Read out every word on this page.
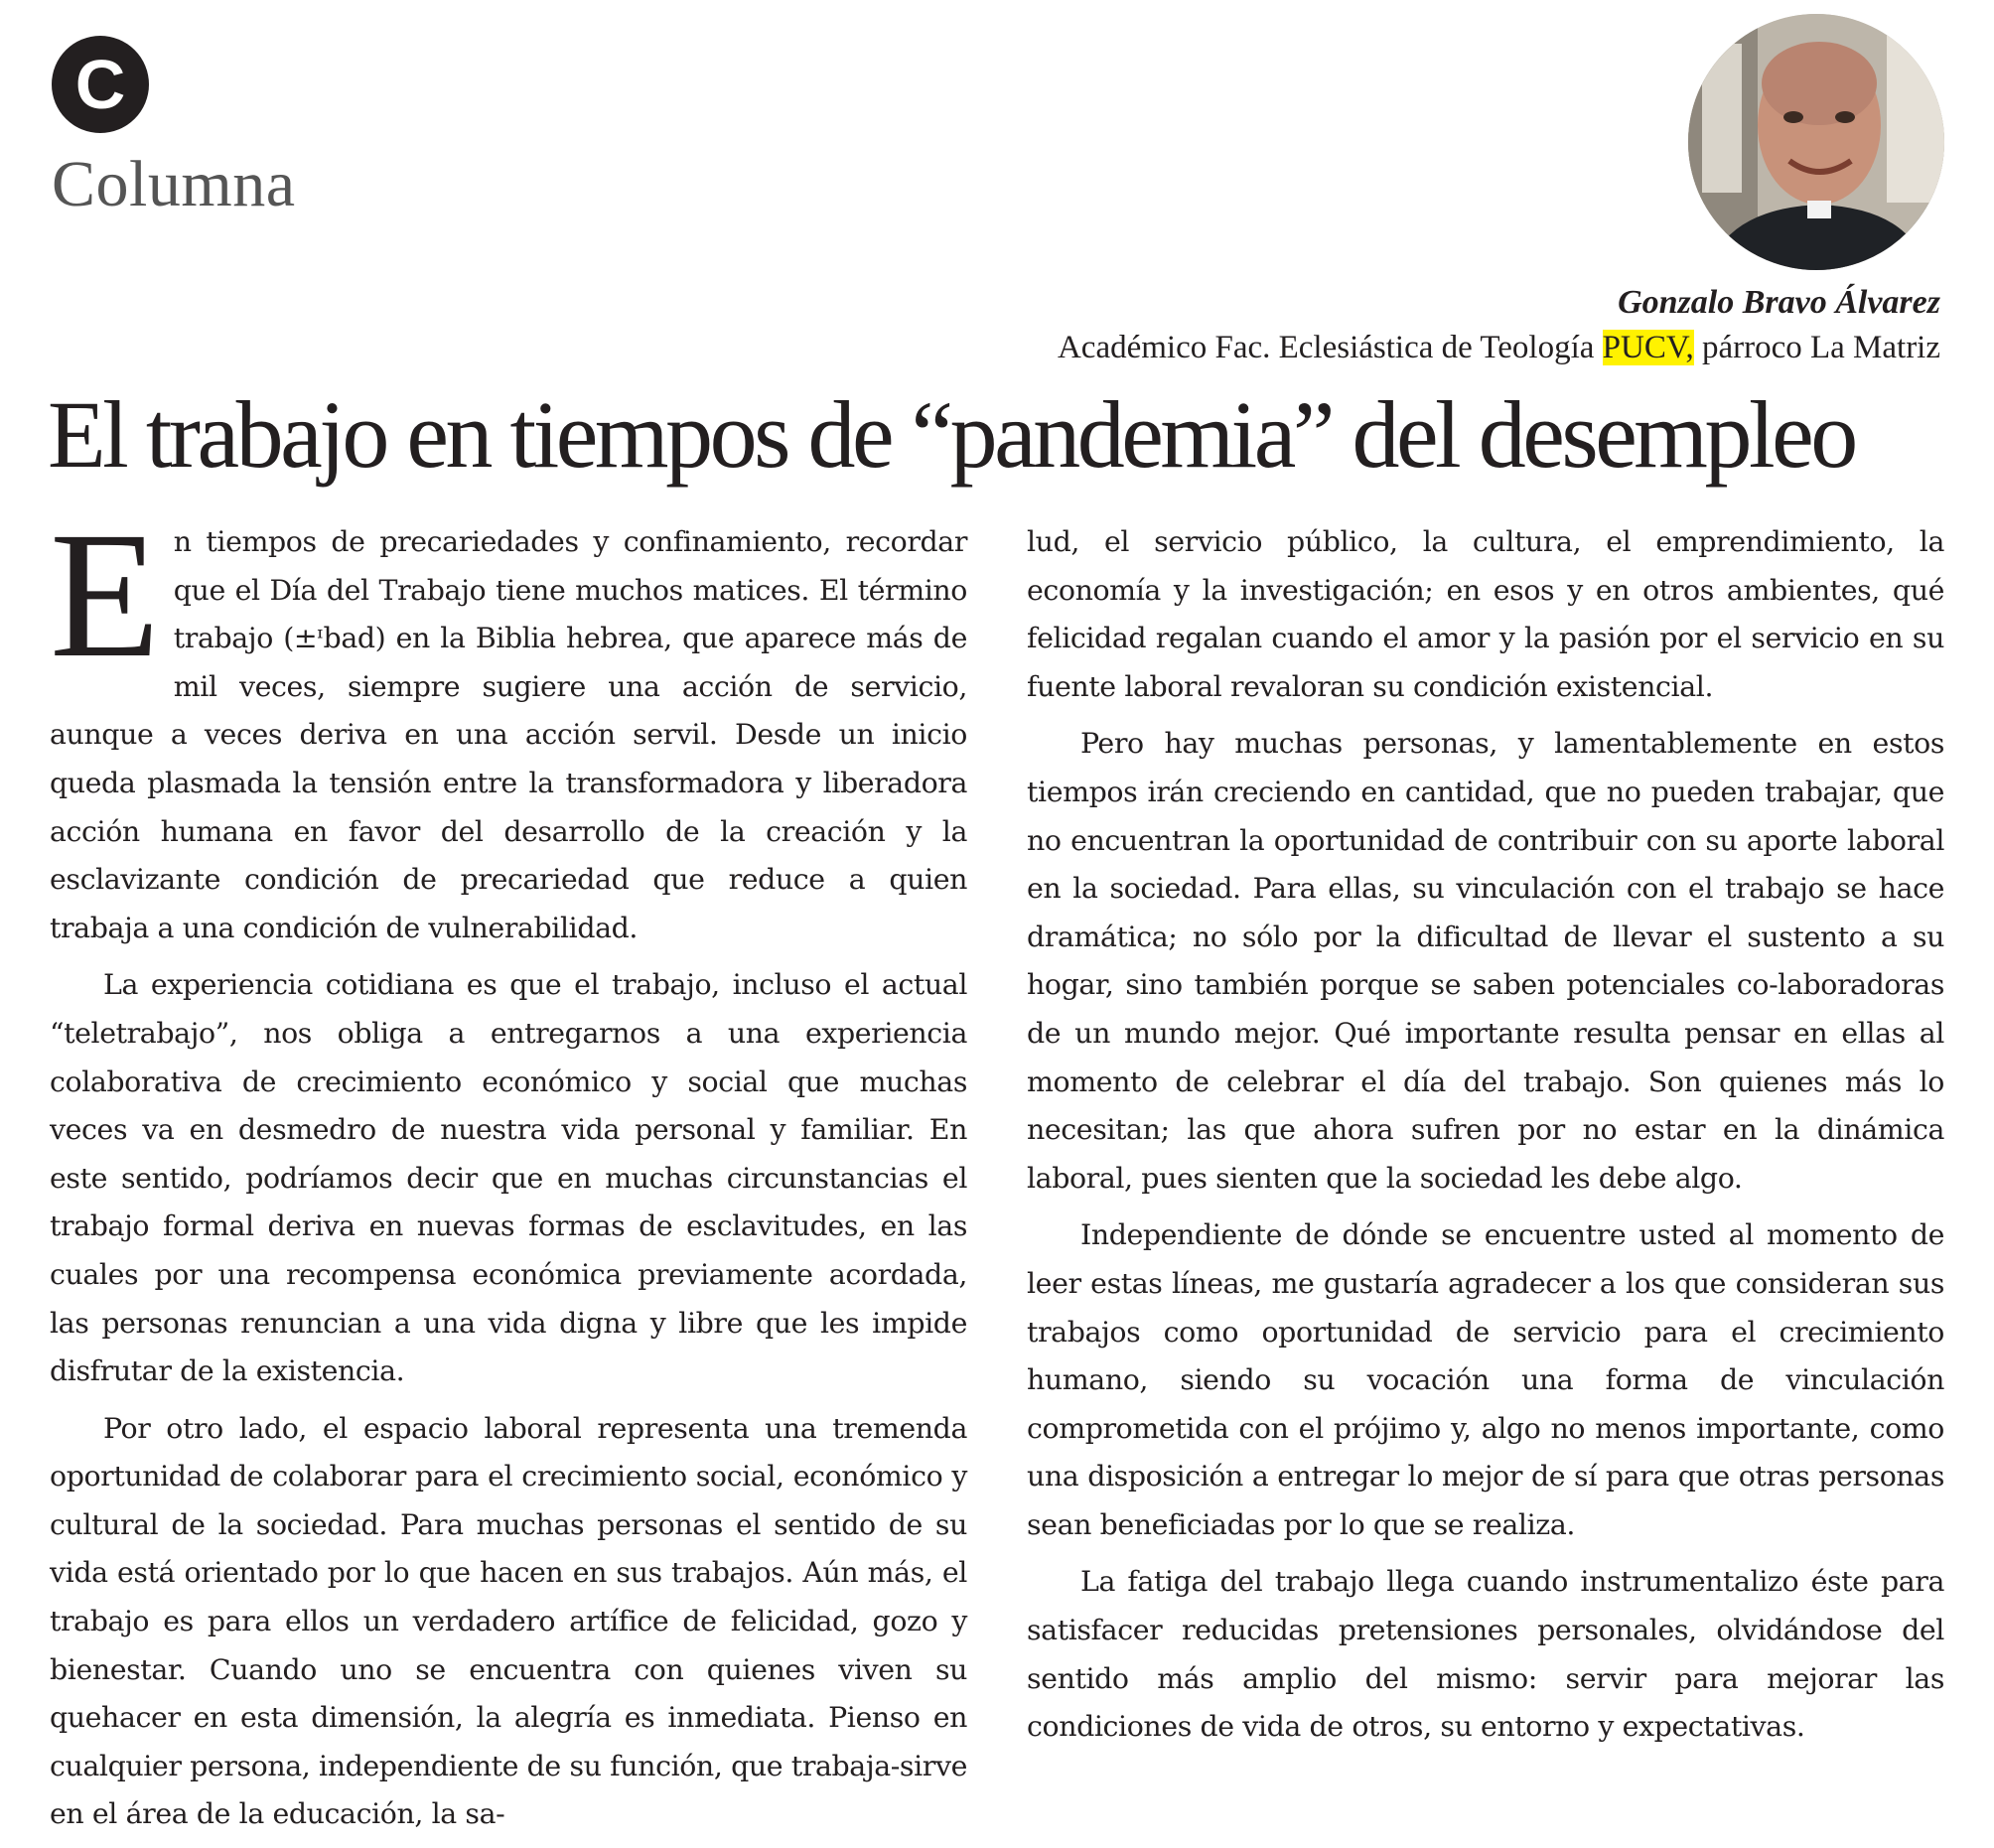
C
Columna
Gonzalo Bravo Álvarez
Académico Fac. Eclesiástica de Teología PUCV, párroco La Matriz
El trabajo en tiempos de “pandemia” del desempleo

En tiempos de precariedades y confinamiento, recordar que el Día del Trabajo tiene muchos matices. El término trabajo (±ᶦbad) en la Biblia hebrea, que aparece más de mil veces, siempre sugiere una acción de servicio, aunque a veces deriva en una acción servil. Desde un inicio queda plasmada la tensión entre la transformadora y liberadora acción humana en favor del desarrollo de la creación y la esclavizante condición de precariedad que reduce a quien trabaja a una condición de vulnerabilidad.

La experiencia cotidiana es que el trabajo, incluso el actual “teletrabajo”, nos obliga a entregarnos a una experiencia colaborativa de crecimiento económico y social que muchas veces va en desmedro de nuestra vida personal y familiar. En este sentido, podríamos decir que en muchas circunstancias el trabajo formal deriva en nuevas formas de esclavitudes, en las cuales por una recompensa económica previamente acordada, las personas renuncian a una vida digna y libre que les impide disfrutar de la existencia.

Por otro lado, el espacio laboral representa una tremenda oportunidad de colaborar para el crecimiento social, económico y cultural de la sociedad. Para muchas personas el sentido de su vida está orientado por lo que hacen en sus trabajos. Aún más, el trabajo es para ellos un verdadero artífice de felicidad, gozo y bienestar. Cuando uno se encuentra con quienes viven su quehacer en esta dimensión, la alegría es inmediata. Pienso en cualquier persona, independiente de su función, que trabaja-sirve en el área de la educación, la sa-

lud, el servicio público, la cultura, el emprendimiento, la economía y la investigación; en esos y en otros ambientes, qué felicidad regalan cuando el amor y la pasión por el servicio en su fuente laboral revaloran su condición existencial.

Pero hay muchas personas, y lamentablemente en estos tiempos irán creciendo en cantidad, que no pueden trabajar, que no encuentran la oportunidad de contribuir con su aporte laboral en la sociedad. Para ellas, su vinculación con el trabajo se hace dramática; no sólo por la dificultad de llevar el sustento a su hogar, sino también porque se saben potenciales co-laboradoras de un mundo mejor. Qué importante resulta pensar en ellas al momento de celebrar el día del trabajo. Son quienes más lo necesitan; las que ahora sufren por no estar en la dinámica laboral, pues sienten que la sociedad les debe algo.

Independiente de dónde se encuentre usted al momento de leer estas líneas, me gustaría agradecer a los que consideran sus trabajos como oportunidad de servicio para el crecimiento humano, siendo su vocación una forma de vinculación comprometida con el prójimo y, algo no menos importante, como una disposición a entregar lo mejor de sí para que otras personas sean beneficiadas por lo que se realiza.

La fatiga del trabajo llega cuando instrumentalizo éste para satisfacer reducidas pretensiones personales, olvidándose del sentido más amplio del mismo: servir para mejorar las condiciones de vida de otros, su entorno y expectativas.
